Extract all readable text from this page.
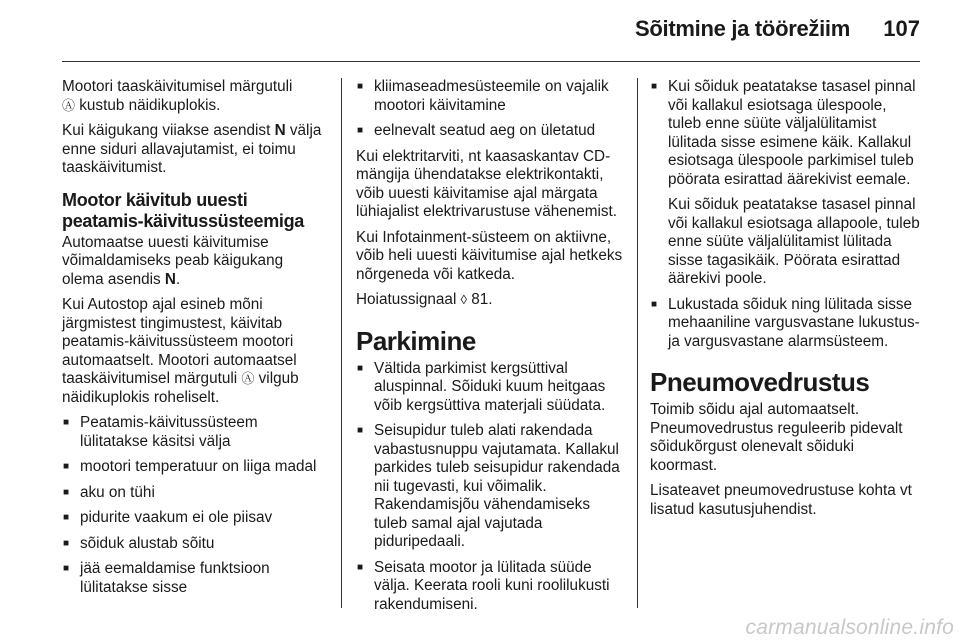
Sõitmine ja töörežiim 107

Mootori taaskäivitumisel märgutuli
Ⓐ kustub näidikuplokis.

Kui käigukang viiakse asendist N välja enne siduri allavajutamist, ei toimu taaskäivitumist.

Mootor käivitub uuesti peatamis-käivitussüsteemiga

Automaatse uuesti käivitumise võimaldamiseks peab käigukang olema asendis N.

Kui Autostop ajal esineb mõni järgmistest tingimustest, käivitab peatamis-käivitussüsteem mootori automaatselt. Mootori automaatsel taaskäivitumisel märgutuli Ⓐ vilgub näidikuplokis roheliselt.

■ Peatamis-käivitussüsteem lülitatakse käsitsi välja
■ mootori temperatuur on liiga madal
■ aku on tühi
■ pidurite vaakum ei ole piisav
■ sõiduk alustab sõitu
■ jää eemaldamise funktsioon lülitatakse sisse
■ kliimaseadmesüsteemile on vajalik mootori käivitamine
■ eelnevalt seatud aeg on ületatud

Kui elektritarviti, nt kaasaskantav CD-mängija ühendatakse elektrikontakti, võib uuesti käivitamise ajal märgata lühiajalist elektrivarustuse vähenemist.

Kui Infotainment-süsteem on aktiivne, võib heli uuesti käivitumise ajal hetkeks nõrgeneda või katkeda.

Hoiatussignaal ◊ 81.

Parkimine
■ Vältida parkimist kergsüttival aluspinnal. Sõiduki kuum heitgaas võib kergsüttiva materjali süüdata.
■ Seisupidur tuleb alati rakendada vabastusnuppu vajutamata. Kallakul parkides tuleb seisupidur rakendada nii tugevasti, kui võimalik. Rakendamisjõu vähendamiseks tuleb samal ajal vajutada piduripedaali.
■ Seisata mootor ja lülitada süüde välja. Keerata rooli kuni roolilukusti rakendumiseni.
■ Kui sõiduk peatatakse tasasel pinnal või kallakul esiotsaga ülespoole, tuleb enne süüte väljalülitamist lülitada sisse esimene käik. Kallakul esiotsaga ülespoole parkimisel tuleb pöörata esirattad äärekivist eemale.

Kui sõiduk peatatakse tasasel pinnal või kallakul esiotsaga allapoole, tuleb enne süüte väljalülitamist lülitada sisse tagasikäik. Pöörata esirattad äärekivi poole.

■ Lukustada sõiduk ning lülitada sisse mehaaniline vargusvastane lukustus- ja vargusvastane alarmsüsteem.
Pneumovedrustus

Toimib sõidu ajal automaatselt. Pneumovedrustus reguleerib pidevalt sõidukõrgust olenevalt sõiduki koormast.

Lisateavet pneumovedrustuse kohta vt lisatud kasutusjuhendist.

carmanualsonline.info
